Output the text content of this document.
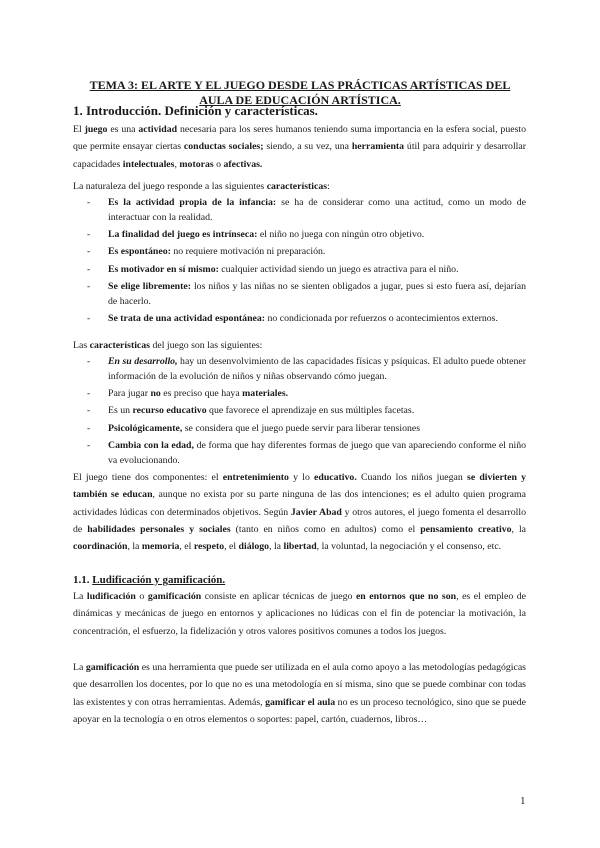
TEMA 3: EL ARTE Y EL JUEGO DESDE LAS PRÁCTICAS ARTÍSTICAS DEL
AULA DE EDUCACIÓN ARTÍSTICA.
1. Introducción. Definición y características.

El juego es una actividad necesaria para los seres humanos teniendo suma importancia en la esfera social, puesto que permite ensayar ciertas conductas sociales; siendo, a su vez, una herramienta útil para adquirir y desarrollar capacidades intelectuales, motoras o afectivas.

La naturaleza del juego responde a las siguientes características:

- Es la actividad propia de la infancia: se ha de considerar como una actitud, como un modo de interactuar con la realidad.
- La finalidad del juego es intrínseca: el niño no juega con ningún otro objetivo.
- Es espontáneo: no requiere motivación ni preparación.
- Es motivador en sí mismo: cualquier actividad siendo un juego es atractiva para el niño.
- Se elige libremente: los niños y las niñas no se sienten obligados a jugar, pues si esto fuera así, dejarían de hacerlo.
- Se trata de una actividad espontánea: no condicionada por refuerzos o acontecimientos externos.

Las características del juego son las siguientes:

- En su desarrollo, hay un desenvolvimiento de las capacidades físicas y psíquicas. El adulto puede obtener información de la evolución de niños y niñas observando cómo juegan.
- Para jugar no es preciso que haya materiales.
- Es un recurso educativo que favorece el aprendizaje en sus múltiples facetas.
- Psicológicamente, se considera que el juego puede servir para liberar tensiones
- Cambia con la edad, de forma que hay diferentes formas de juego que van apareciendo conforme el niño va evolucionando.

El juego tiene dos componentes: el entretenimiento y lo educativo. Cuando los niños juegan se divierten y también se educan, aunque no exista por su parte ninguna de las dos intenciones; es el adulto quien programa actividades lúdicas con determinados objetivos. Según Javier Abad y otros autores, el juego fomenta el desarrollo de habilidades personales y sociales (tanto en niños como en adultos) como el pensamiento creativo, la coordinación, la memoria, el respeto, el diálogo, la libertad, la voluntad, la negociación y el consenso, etc.

1.1. Ludificación y gamificación.

La ludificación o gamificación consiste en aplicar técnicas de juego en entornos que no son, es el empleo de dinámicas y mecánicas de juego en entornos y aplicaciones no lúdicas con el fin de potenciar la motivación, la concentración, el esfuerzo, la fidelización y otros valores positivos comunes a todos los juegos.

La gamificación es una herramienta que puede ser utilizada en el aula como apoyo a las metodologías pedagógicas que desarrollen los docentes, por lo que no es una metodología en sí misma, sino que se puede combinar con todas las existentes y con otras herramientas. Además, gamificar el aula no es un proceso tecnológico, sino que se puede apoyar en la tecnología o en otros elementos o soportes: papel, cartón, cuadernos, libros…

1
